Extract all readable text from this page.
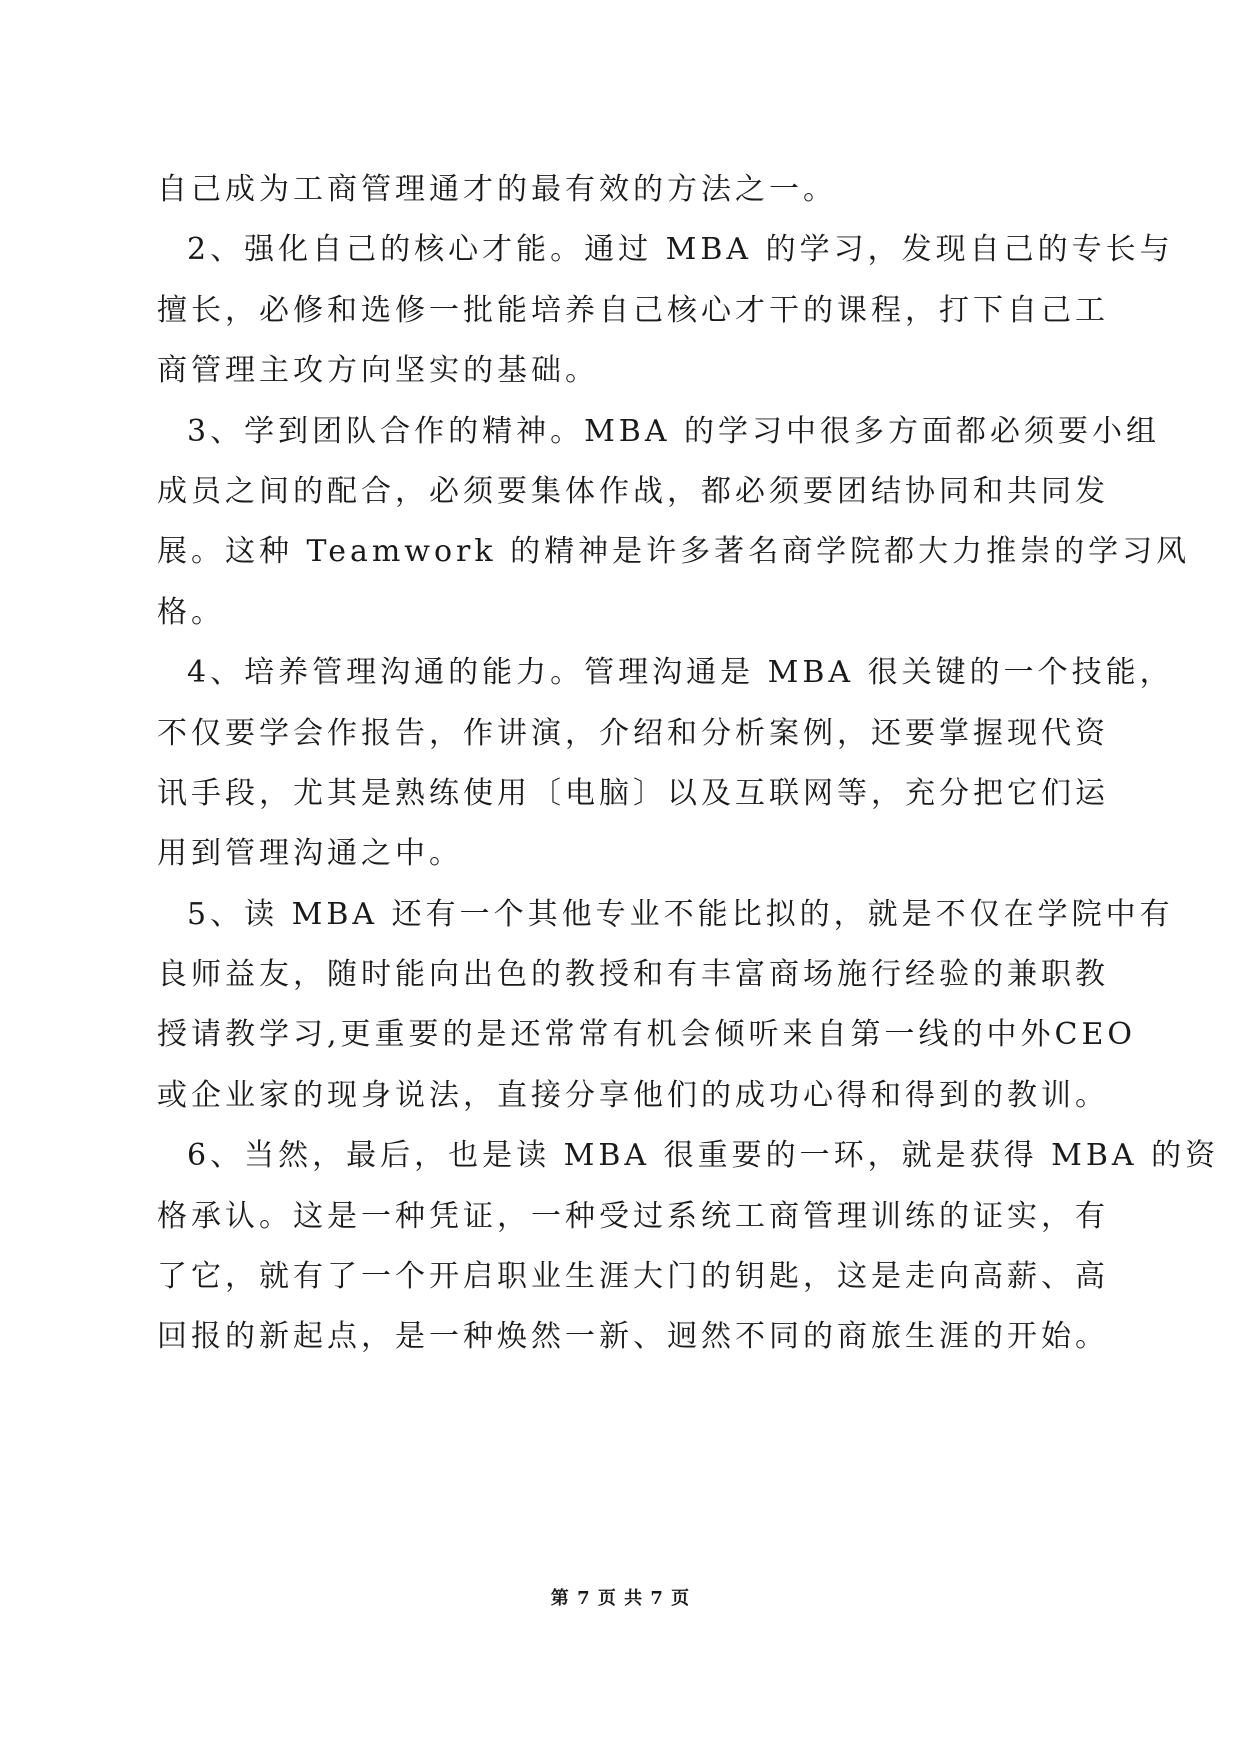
自己成为工商管理通才的最有效的方法之一。
2、强化自己的核心才能。通过 MBA 的学习，发现自己的专长与
擅长，必修和选修一批能培养自己核心才干的课程，打下自己工
商管理主攻方向坚实的基础。
3、学到团队合作的精神。MBA 的学习中很多方面都必须要小组
成员之间的配合，必须要集体作战，都必须要团结协同和共同发
展。这种 Teamwork 的精神是许多著名商学院都大力推崇的学习风
格。
4、培养管理沟通的能力。管理沟通是 MBA 很关键的一个技能，
不仅要学会作报告，作讲演，介绍和分析案例，还要掌握现代资
讯手段，尤其是熟练使用〔电脑〕以及互联网等，充分把它们运
用到管理沟通之中。
5、读 MBA 还有一个其他专业不能比拟的，就是不仅在学院中有
良师益友，随时能向出色的教授和有丰富商场施行经验的兼职教
授请教学习,更重要的是还常常有机会倾听来自第一线的中外CEO
或企业家的现身说法，直接分享他们的成功心得和得到的教训。
6、当然，最后，也是读 MBA 很重要的一环，就是获得 MBA 的资
格承认。这是一种凭证，一种受过系统工商管理训练的证实，有
了它，就有了一个开启职业生涯大门的钥匙，这是走向高薪、高
回报的新起点，是一种焕然一新、迥然不同的商旅生涯的开始。
第 7 页 共 7 页
